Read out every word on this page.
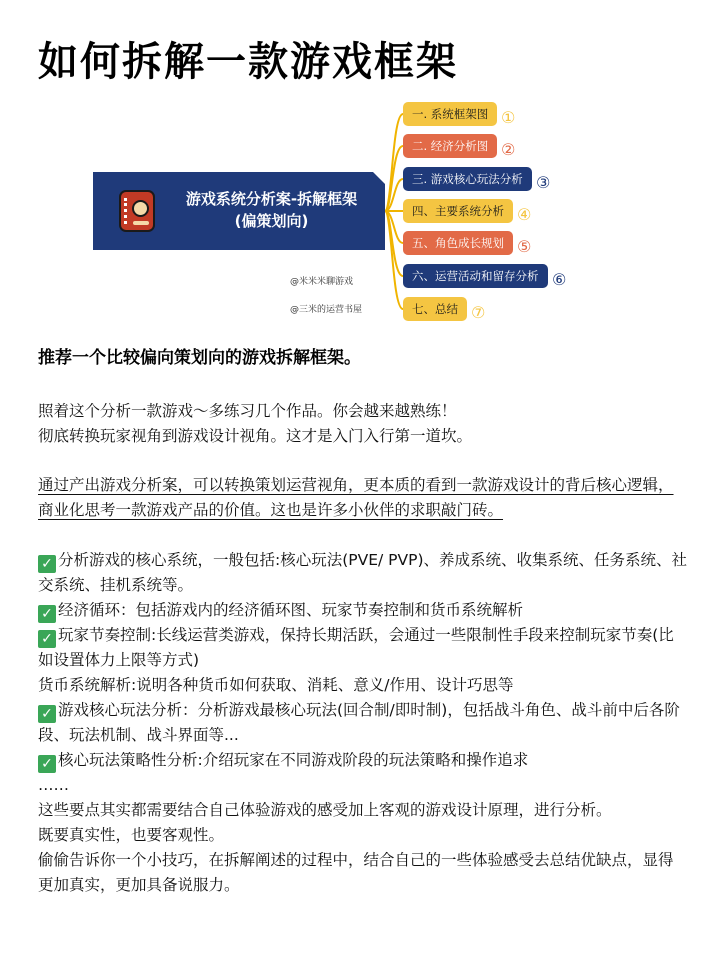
如何拆解一款游戏框架
游戏系统分析案-拆解框架
(偏策划向)
一. 系统框架图 ①
二. 经济分析图 ②
三. 游戏核心玩法分析 ③
四、主要系统分析 ④
五、角色成长规划 ⑤
六、运营活动和留存分析 ⑥
七、总结 ⑦
@米米米聊游戏
@三米的运营书屋
推荐一个比较偏向策划向的游戏拆解框架。

照着这个分析一款游戏～多练习几个作品。你会越来越熟练！

彻底转换玩家视角到游戏设计视角。这才是入门入行第一道坎。

通过产出游戏分析案，可以转换策划运营视角，更本质的看到一款游戏设计的背后核心逻辑，商业化思考一款游戏产品的价值。这也是许多小伙伴的求职敲门砖。

✓ 分析游戏的核心系统，一般包括:核心玩法(PVE/ PVP)、养成系统、收集系统、任务系统、社交系统、挂机系统等。

✓ 经济循环：包括游戏内的经济循环图、玩家节奏控制和货币系统解析

✓ 玩家节奏控制:长线运营类游戏，保持长期活跃，会通过一些限制性手段来控制玩家节奏(比如设置体力上限等方式)

货币系统解析:说明各种货币如何获取、消耗、意义/作用、设计巧思等

✓ 游戏核心玩法分析：分析游戏最核心玩法(回合制/即时制)，包括战斗角色、战斗前中后各阶段、玩法机制、战斗界面等...

✓ 核心玩法策略性分析:介绍玩家在不同游戏阶段的玩法策略和操作追求

……

这些要点其实都需要结合自己体验游戏的感受加上客观的游戏设计原理，进行分析。

既要真实性，也要客观性。

偷偷告诉你一个小技巧，在拆解阐述的过程中，结合自己的一些体验感受去总结优缺点，显得更加真实，更加具备说服力。
